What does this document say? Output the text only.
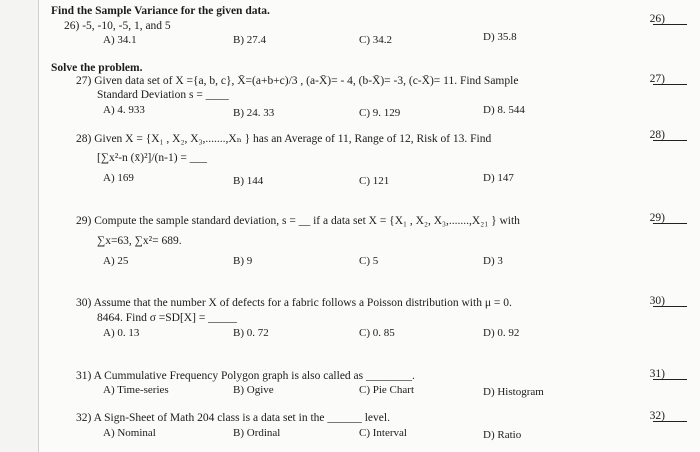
Find the Sample Variance for the given data.
26) -5, -10, -5, 1, and 5
A) 34.1	B) 27.4	C) 34.2	D) 35.8
26)
Solve the problem.
27) Given data set of X ={a, b, c}, X̄=(a+b+c)/3 , (a-X̄)= - 4, (b-X̄)= -3, (c-X̄)= 11. Find Sample
Standard Deviation s = ____
A) 4. 933	B) 24. 33	C) 9. 129	D) 8. 544
27)
28) Given X = {X₁ , X₂, X₃,.......,Xₙ } has an Average of 11, Range of 12, Risk of 13. Find
[∑x²-n (x̄)²]/(n-1) = ___
A) 169	B) 144	C) 121	D) 147
28)
29) Compute the sample standard deviation, s = __ if a data set X = {X₁ , X₂, X₃,.......,X₂₁ } with
∑x=63, ∑x²= 689.
A) 25	B) 9	C) 5	D) 3
29)
30) Assume that the number X of defects for a fabric follows a Poisson distribution with μ = 0.
8464. Find σ =SD[X] = _____
A) 0. 13	B) 0. 72	C) 0. 85	D) 0. 92
30)
31) A Cummulative Frequency Polygon graph is also called as ________.
A) Time-series	B) Ogive	C) Pie Chart	D) Histogram
31)
32) A Sign-Sheet of Math 204 class is a data set in the ______ level.
A) Nominal	B) Ordinal	C) Interval	D) Ratio
32)
